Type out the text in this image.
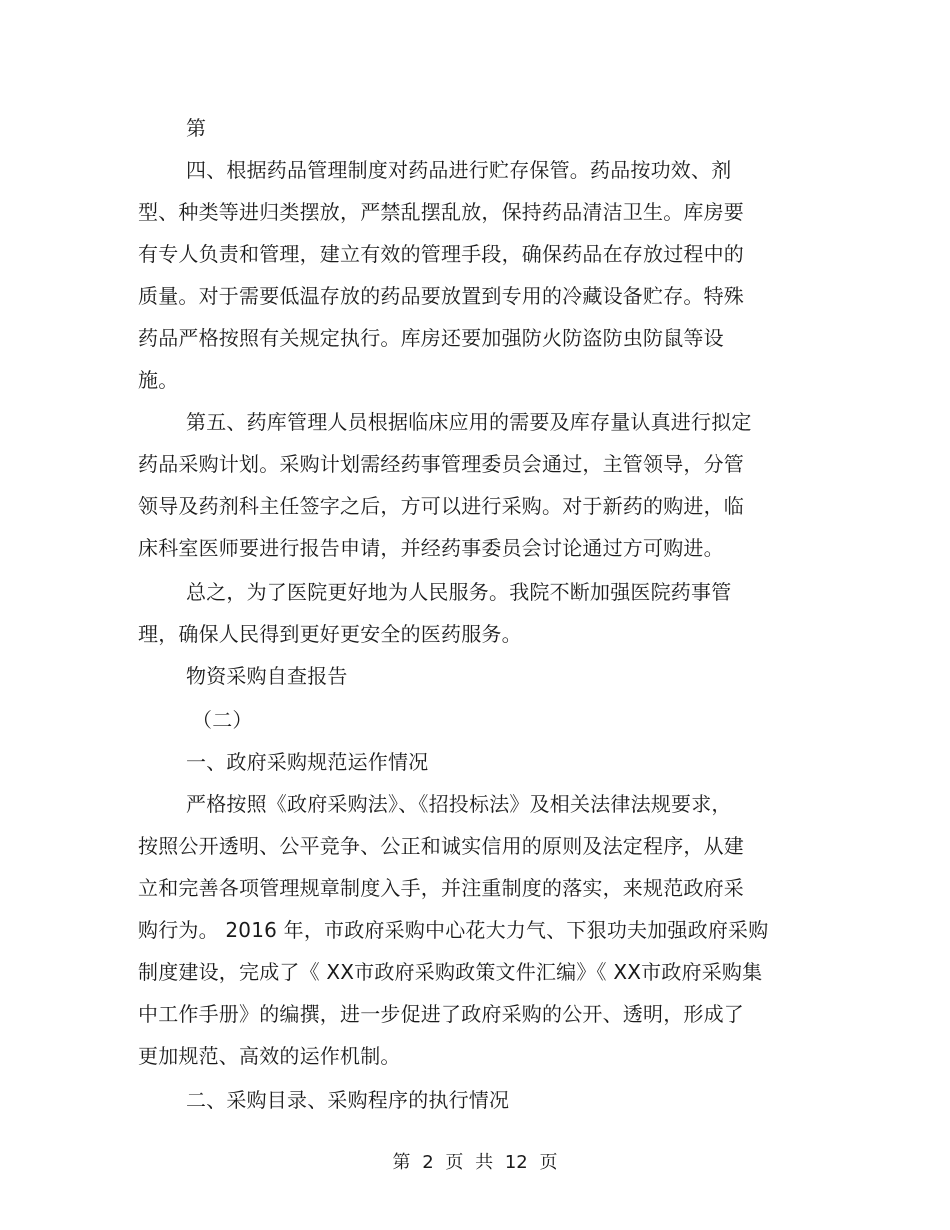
第
四、根据药品管理制度对药品进行贮存保管。药品按功效、剂
型、种类等进归类摆放，严禁乱摆乱放，保持药品清洁卫生。库房要
有专人负责和管理，建立有效的管理手段，确保药品在存放过程中的
质量。对于需要低温存放的药品要放置到专用的冷藏设备贮存。特殊
药品严格按照有关规定执行。库房还要加强防火防盗防虫防鼠等设
施。
第五、药库管理人员根据临床应用的需要及库存量认真进行拟定
药品采购计划。采购计划需经药事管理委员会通过，主管领导，分管
领导及药剂科主任签字之后，方可以进行采购。对于新药的购进，临
床科室医师要进行报告申请，并经药事委员会讨论通过方可购进。
总之，为了医院更好地为人民服务。我院不断加强医院药事管
理，确保人民得到更好更安全的医药服务。
物资采购自查报告
（二）
一、政府采购规范运作情况
严格按照《政府采购法》、《招投标法》及相关法律法规要求，
按照公开透明、公平竞争、公正和诚实信用的原则及法定程序，从建
立和完善各项管理规章制度入手，并注重制度的落实，来规范政府采
购行为。 2016 年，市政府采购中心花大力气、下狠功夫加强政府采购
制度建设，完成了《 XX市政府采购政策文件汇编》《 XX市政府采购集
中工作手册》的编撰，进一步促进了政府采购的公开、透明，形成了
更加规范、高效的运作机制。
二、采购目录、采购程序的执行情况
第 2 页 共 12 页
